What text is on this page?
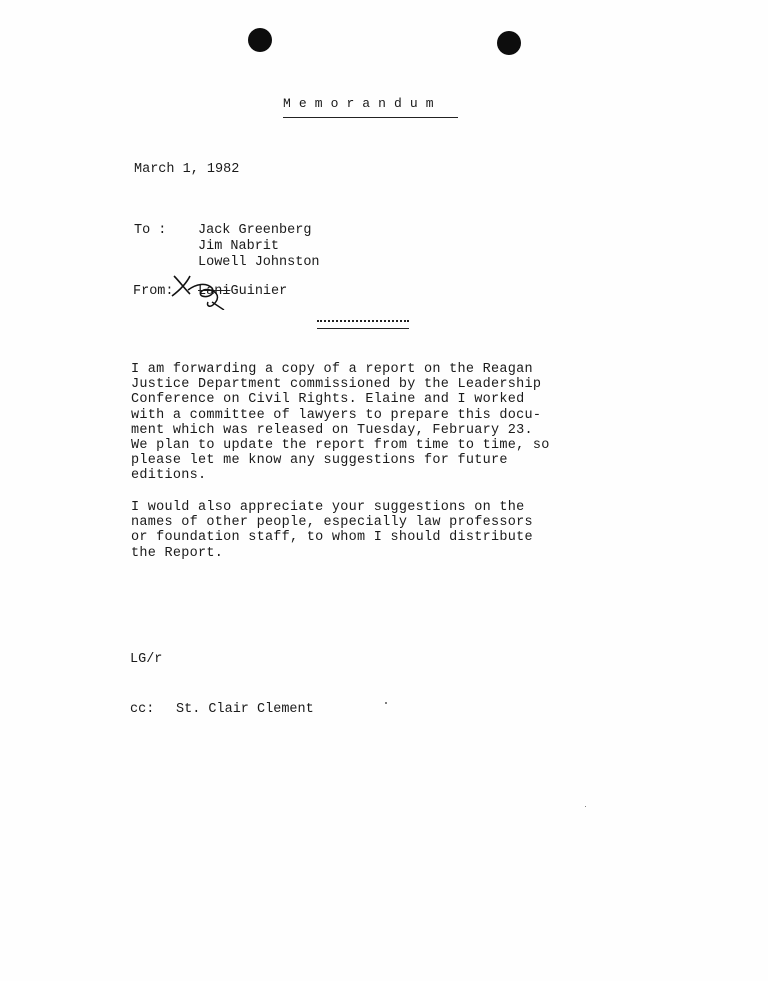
Memorandum
March 1, 1982
To : Jack Greenberg
Jim Nabrit
Lowell Johnston
From: Lani Guinier
I am forwarding a copy of a report on the Reagan
Justice Department commissioned by the Leadership
Conference on Civil Rights. Elaine and I worked
with a committee of lawyers to prepare this docu-
ment which was released on Tuesday, February 23.
We plan to update the report from time to time, so
please let me know any suggestions for future
editions.
I would also appreciate your suggestions on the
names of other people, especially law professors
or foundation staff, to whom I should distribute
the Report.
LG/r
cc: St. Clair Clement
